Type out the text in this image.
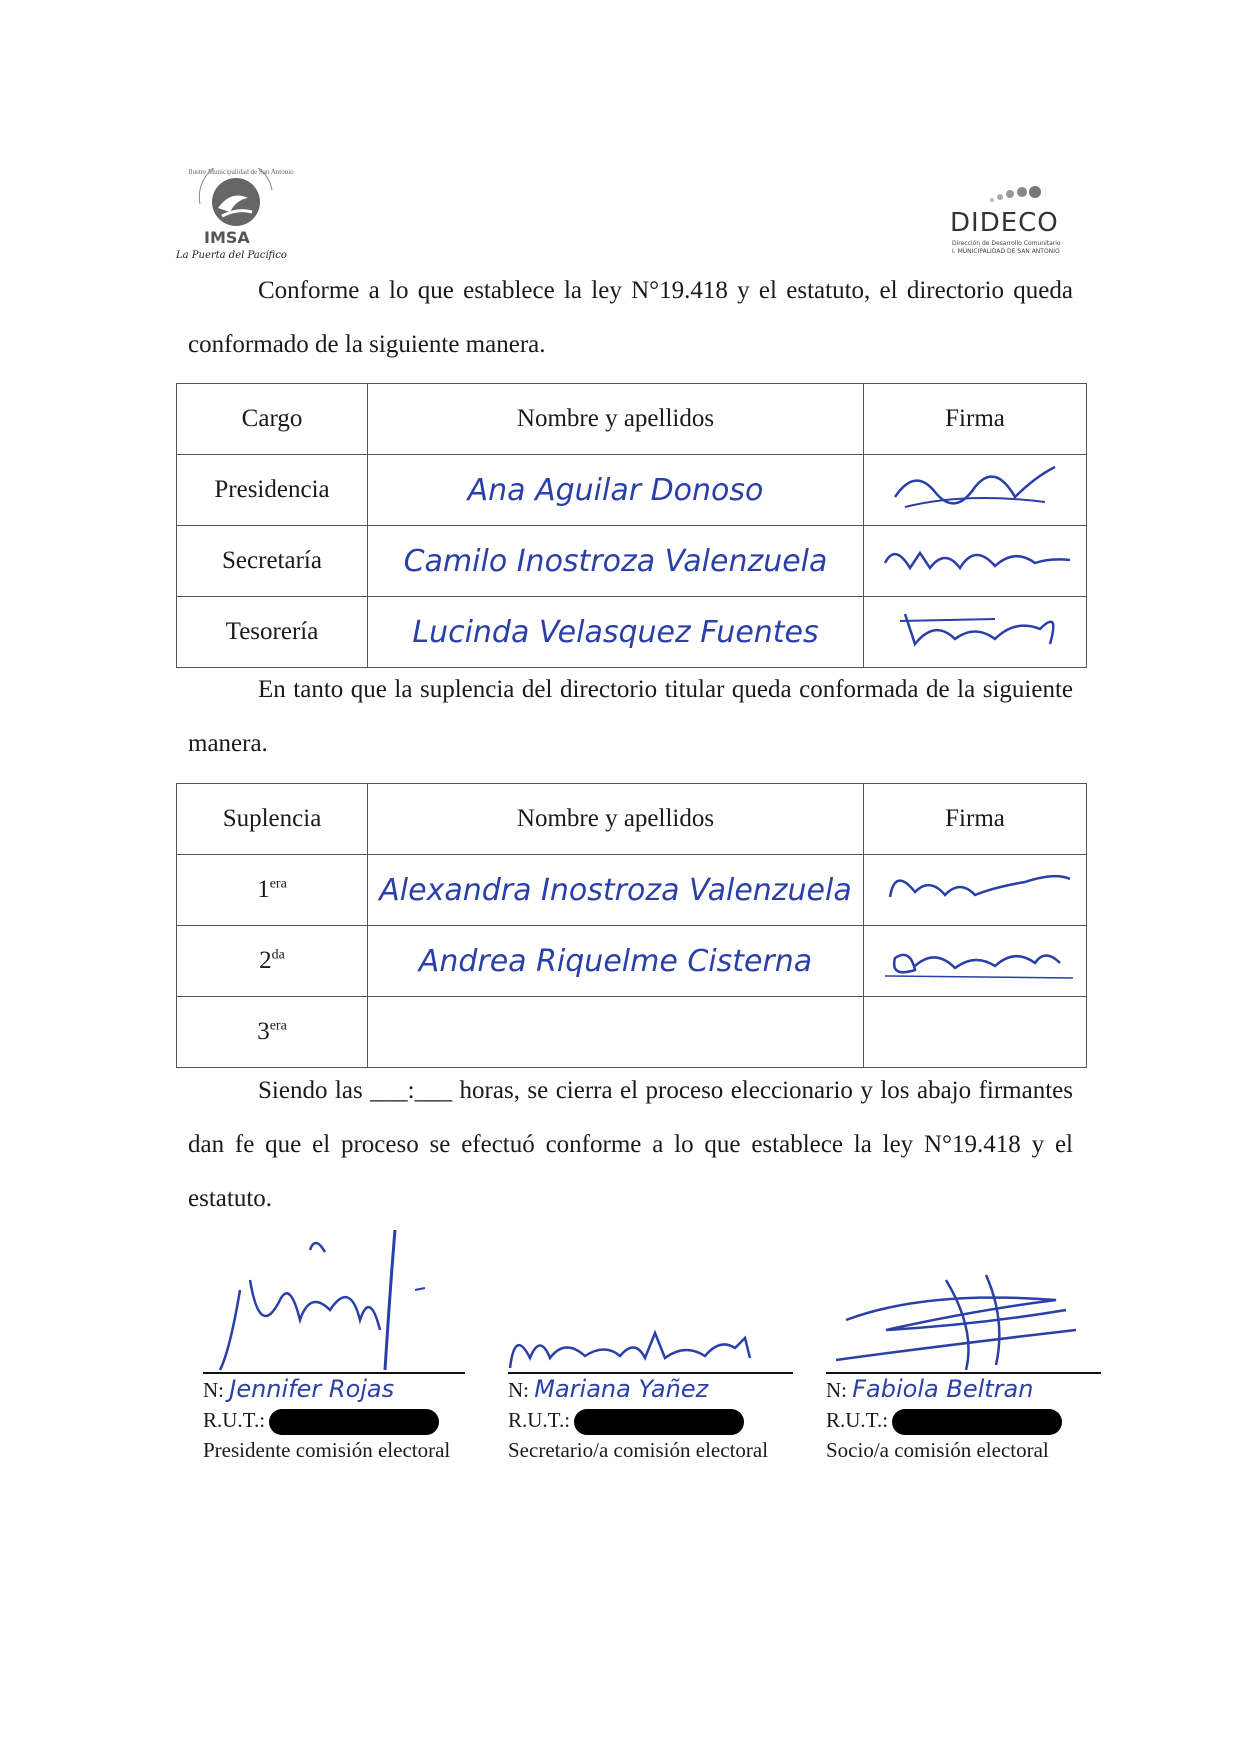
Ilustre Municipalidad de San Antonio
IMSA
La Puerta del Pacífico
DIDECO
Dirección de Desarrollo Comunitario
I. MUNICIPALIDAD DE SAN ANTONIO
Conforme a lo que establece la ley N°19.418 y el estatuto, el directorio queda conformado de la siguiente manera.
Cargo	Nombre y apellidos	Firma
Presidencia	Ana Aguilar Donoso	
Secretaría	Camilo Inostroza Valenzuela	
Tesorería	Lucinda Velasquez Fuentes	
En tanto que la suplencia del directorio titular queda conformada de la siguiente manera.
Suplencia	Nombre y apellidos	Firma
$1^{era}$	Alexandra Inostroza Valenzuela	
$2^{da}$	Andrea Riquelme Cisterna	
$3^{era}$		
Siendo las ___:___ horas, se cierra el proceso eleccionario y los abajo firmantes dan fe que el proceso se efectuó conforme a lo que establece la ley N°19.418 y el estatuto.
N: Jennifer Rojas
R.U.T.:
Presidente comisión electoral
N: Mariana Yañez
R.U.T.:
Secretario/a comisión electoral
N: Fabiola Beltran
R.U.T.:
Socio/a comisión electoral
